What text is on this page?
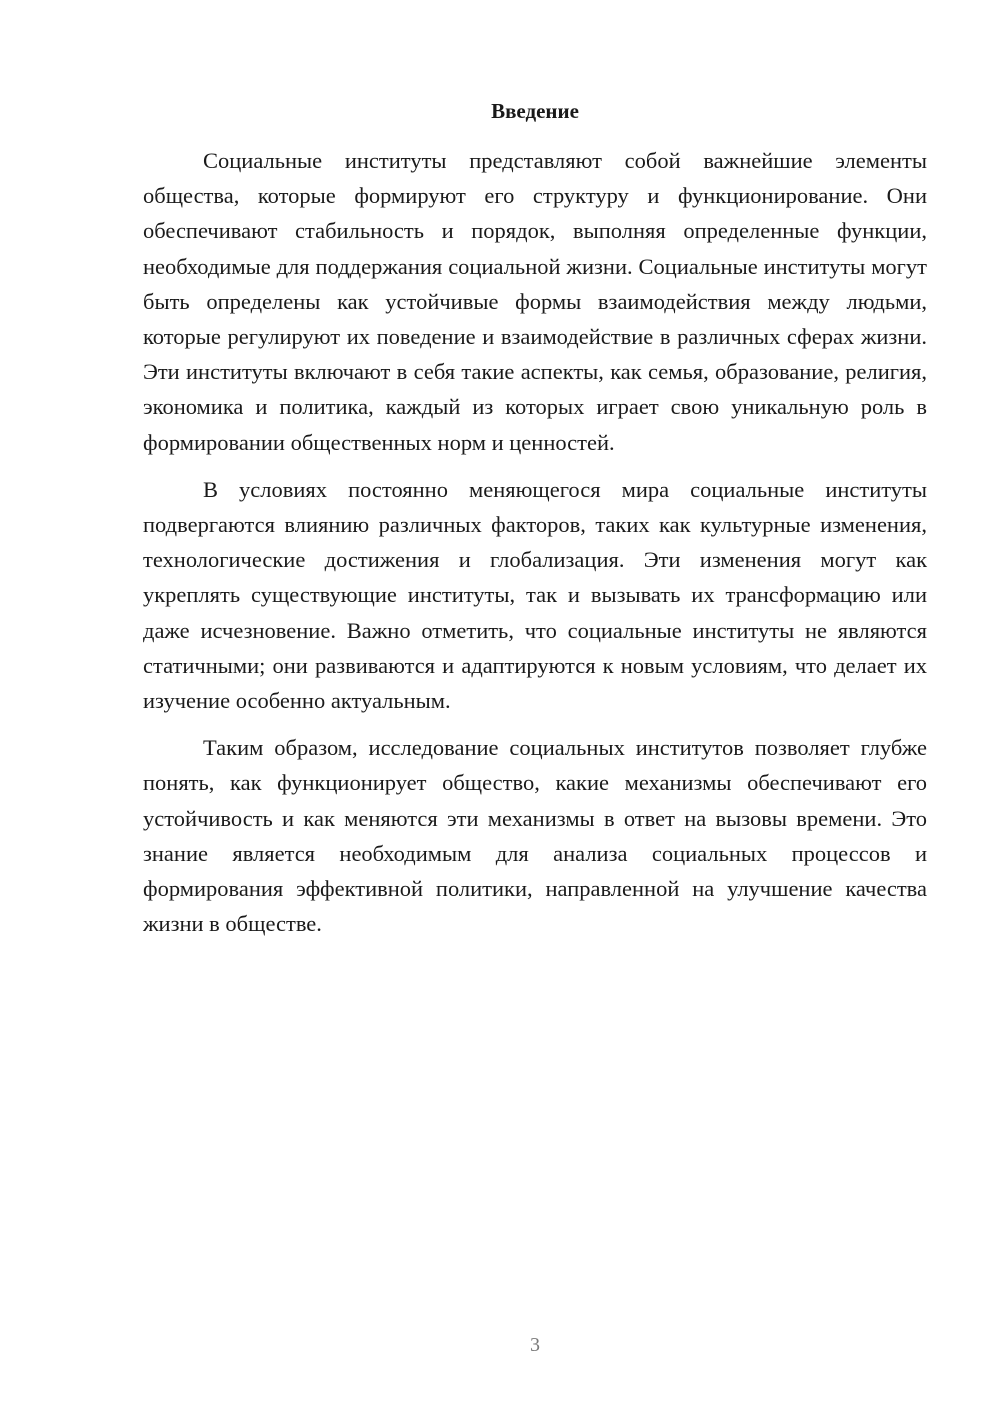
Введение

Социальные институты представляют собой важнейшие элементы общества, которые формируют его структуру и функционирование. Они обеспечивают стабильность и порядок, выполняя определенные функции, необходимые для поддержания социальной жизни. Социальные институты могут быть определены как устойчивые формы взаимодействия между людьми, которые регулируют их поведение и взаимодействие в различных сферах жизни. Эти институты включают в себя такие аспекты, как семья, образование, религия, экономика и политика, каждый из которых играет свою уникальную роль в формировании общественных норм и ценностей.

В условиях постоянно меняющегося мира социальные институты подвергаются влиянию различных факторов, таких как культурные изменения, технологические достижения и глобализация. Эти изменения могут как укреплять существующие институты, так и вызывать их трансформацию или даже исчезновение. Важно отметить, что социальные институты не являются статичными; они развиваются и адаптируются к новым условиям, что делает их изучение особенно актуальным.

Таким образом, исследование социальных институтов позволяет глубже понять, как функционирует общество, какие механизмы обеспечивают его устойчивость и как меняются эти механизмы в ответ на вызовы времени. Это знание является необходимым для анализа социальных процессов и формирования эффективной политики, направленной на улучшение качества жизни в обществе.

3
